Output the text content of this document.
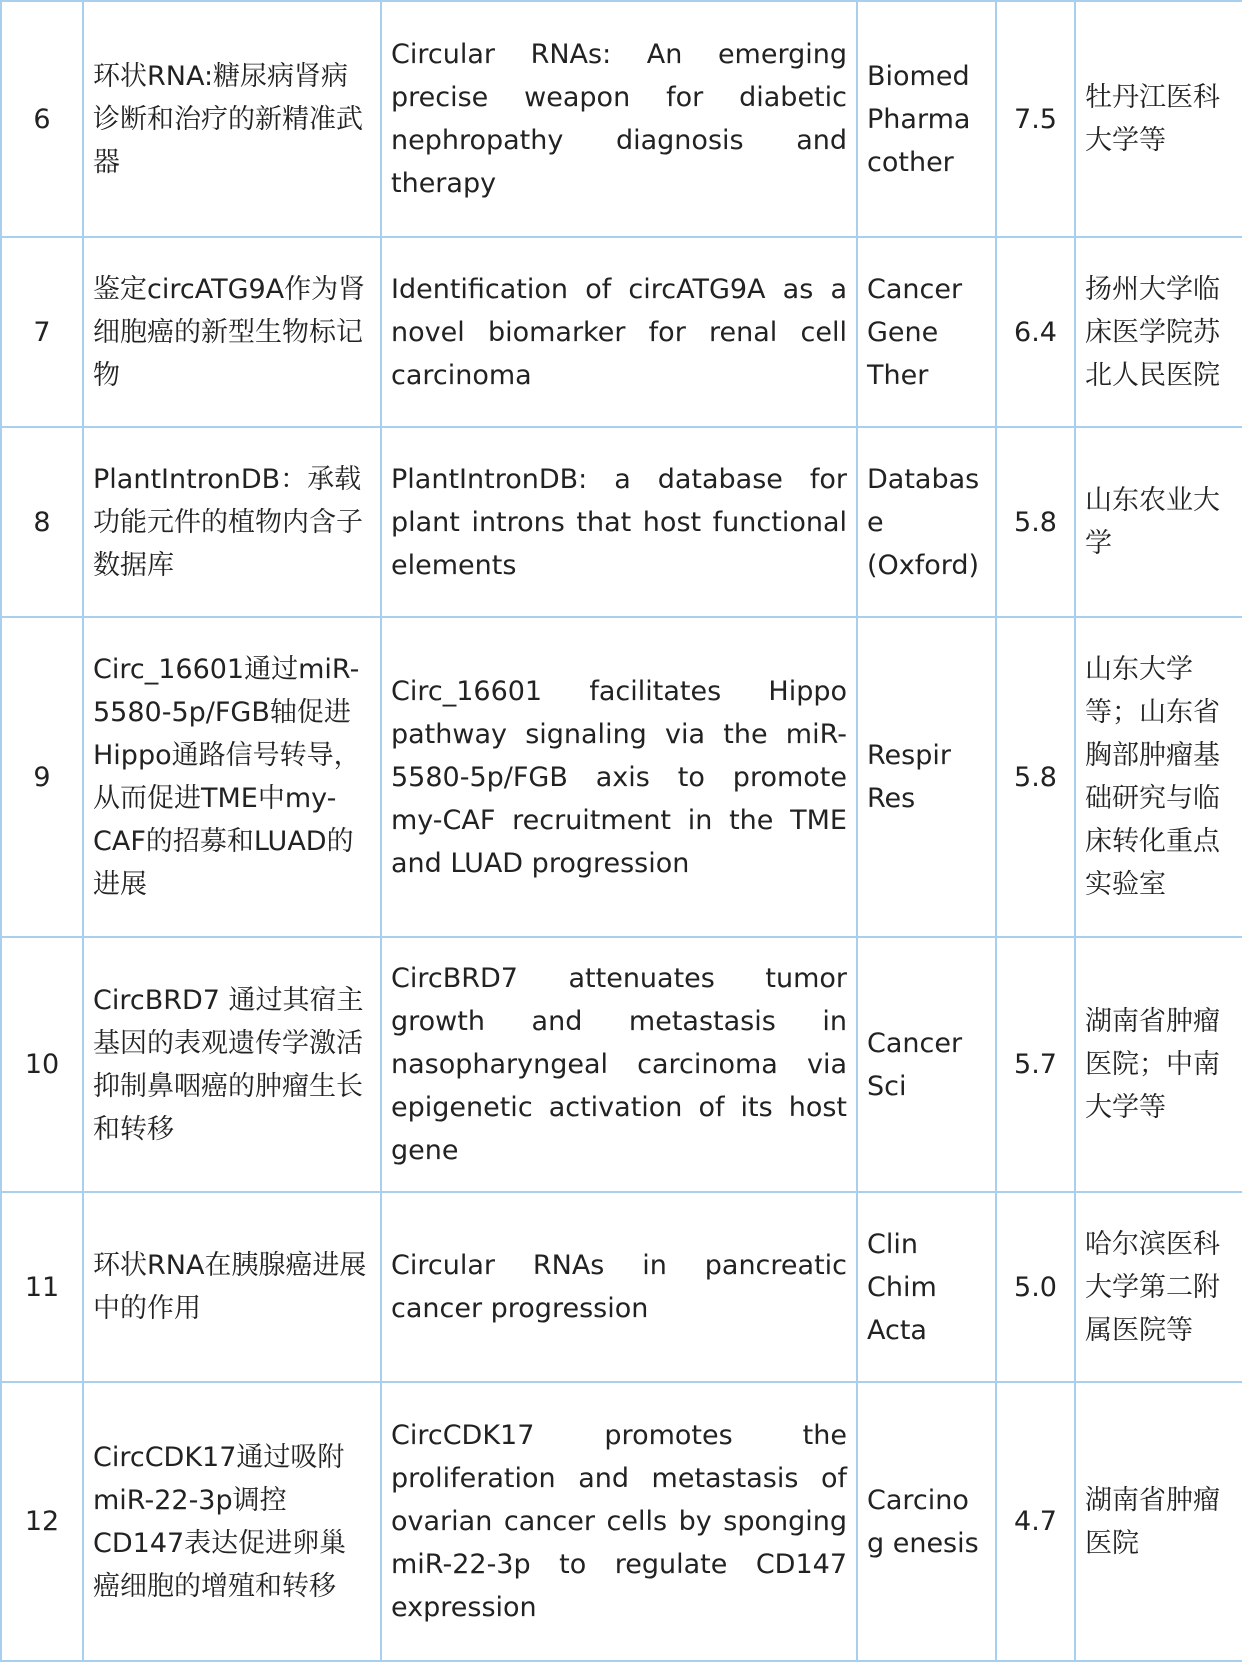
6	环状RNA:糖尿病肾病诊断和治疗的新精准武器	Circular RNAs: An emerging precise weapon for diabetic nephropathy diagnosis and therapy	Biomed Pharma cother	7.5	牡丹江医科大学等
7	鉴定circATG9A作为肾细胞癌的新型生物标记物	Identification of circATG9A as a novel biomarker for renal cell carcinoma	Cancer Gene Ther	6.4	扬州大学临床医学院苏北人民医院
8	PlantIntronDB：承载功能元件的植物内含子数据库	PlantIntronDB: a database for plant introns that host functional elements	Databas e (Oxford)	5.8	山东农业大学
9	Circ_16601通过miR-5580-5p/FGB轴促进Hippo通路信号转导，从而促进TME中my-CAF的招募和LUAD的进展	Circ_16601 facilitates Hippo pathway signaling via the miR-5580-5p/FGB axis to promote my-CAF recruitment in the TME and LUAD progression	Respir Res	5.8	山东大学等；山东省胸部肿瘤基础研究与临床转化重点实验室
10	CircBRD7 通过其宿主基因的表观遗传学激活抑制鼻咽癌的肿瘤生长和转移	CircBRD7 attenuates tumor growth and metastasis in nasopharyngeal carcinoma via epigenetic activation of its host gene	Cancer Sci	5.7	湖南省肿瘤医院；中南大学等
11	环状RNA在胰腺癌进展中的作用	Circular RNAs in pancreatic cancer progression	Clin Chim Acta	5.0	哈尔滨医科大学第二附属医院等
12	CircCDK17通过吸附miR-22-3p调控CD147表达促进卵巢癌细胞的增殖和转移	CircCDK17 promotes the proliferation and metastasis of ovarian cancer cells by sponging miR-22-3p to regulate CD147 expression	Carcinog enesis	4.7	湖南省肿瘤医院
